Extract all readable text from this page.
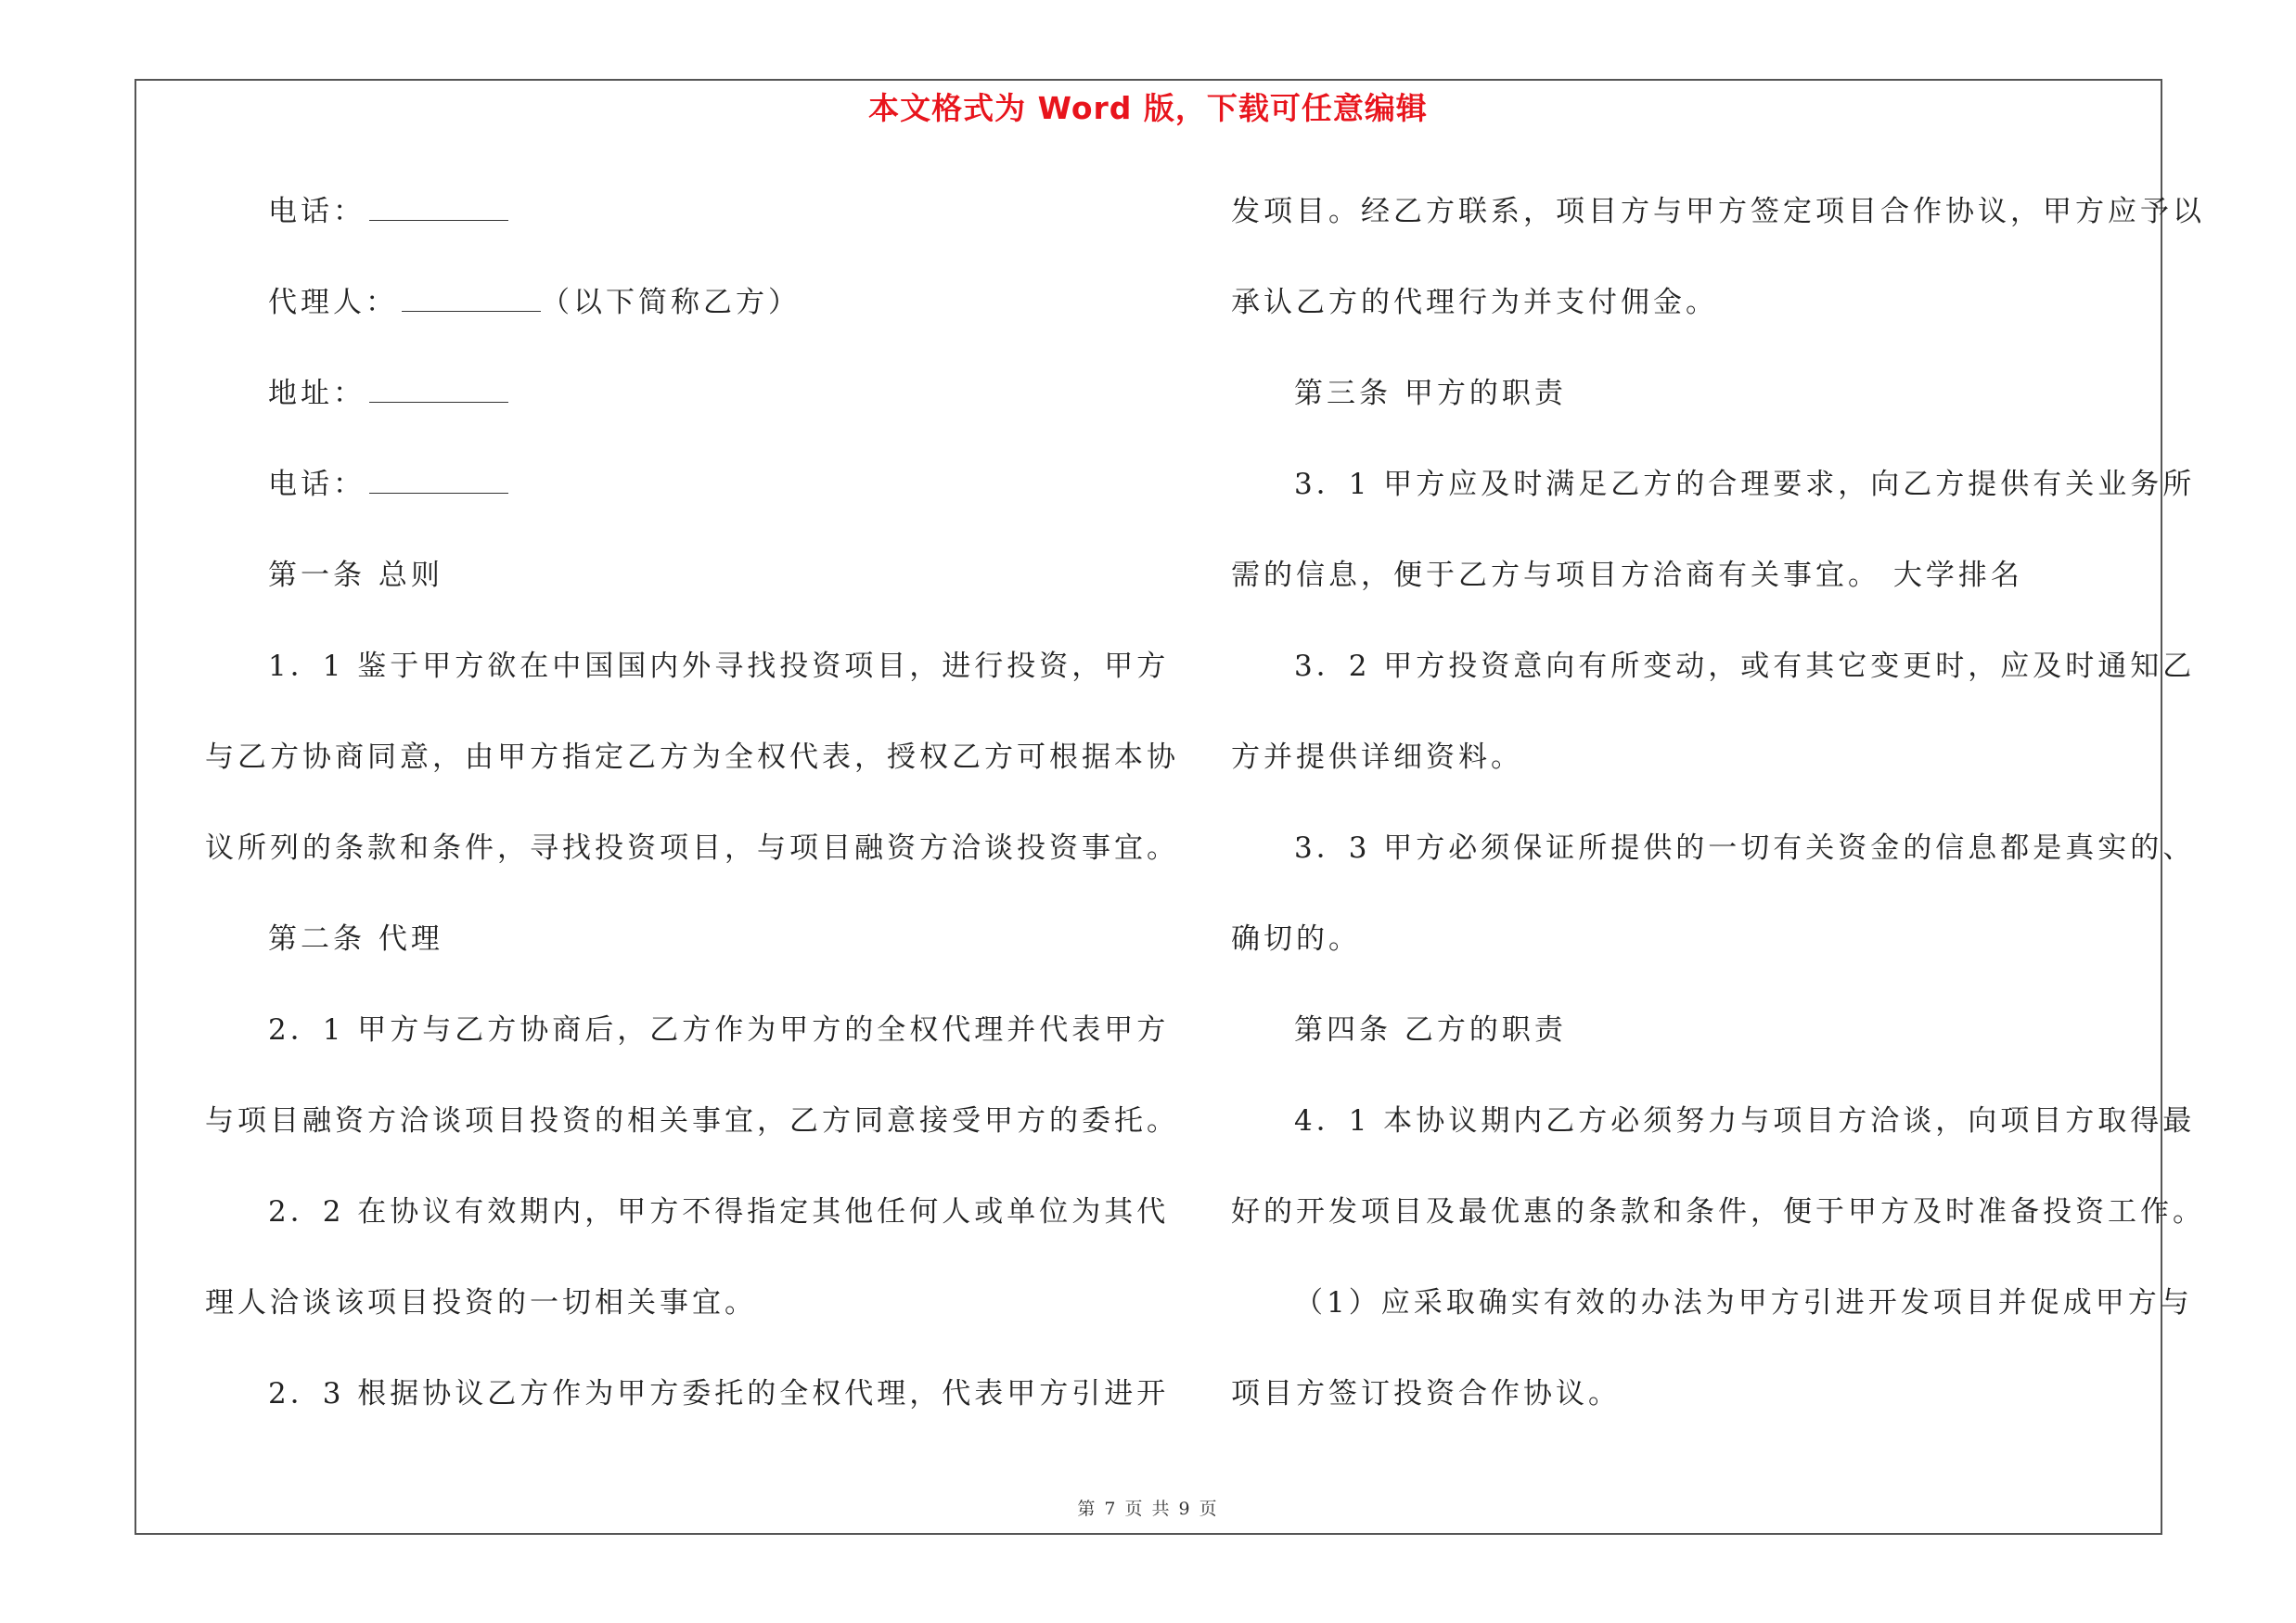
本文格式为 Word 版，下载可任意编辑
电话：
代理人：	（以下简称乙方）
地址：
电话：
第一条 总则
1．1 鉴于甲方欲在中国国内外寻找投资项目，进行投资，甲方
与乙方协商同意，由甲方指定乙方为全权代表，授权乙方可根据本协
议所列的条款和条件，寻找投资项目，与项目融资方洽谈投资事宜。
第二条 代理
2．1 甲方与乙方协商后，乙方作为甲方的全权代理并代表甲方
与项目融资方洽谈项目投资的相关事宜，乙方同意接受甲方的委托。
2．2 在协议有效期内，甲方不得指定其他任何人或单位为其代
理人洽谈该项目投资的一切相关事宜。
2．3 根据协议乙方作为甲方委托的全权代理，代表甲方引进开
发项目。经乙方联系，项目方与甲方签定项目合作协议，甲方应予以
承认乙方的代理行为并支付佣金。
第三条 甲方的职责
3．1 甲方应及时满足乙方的合理要求，向乙方提供有关业务所
需的信息，便于乙方与项目方洽商有关事宜。 大学排名
3．2 甲方投资意向有所变动，或有其它变更时，应及时通知乙
方并提供详细资料。
3．3 甲方必须保证所提供的一切有关资金的信息都是真实的、
确切的。
第四条 乙方的职责
4．1 本协议期内乙方必须努力与项目方洽谈，向项目方取得最
好的开发项目及最优惠的条款和条件，便于甲方及时准备投资工作。
（1）应采取确实有效的办法为甲方引进开发项目并促成甲方与
项目方签订投资合作协议。
第 7 页 共 9 页
